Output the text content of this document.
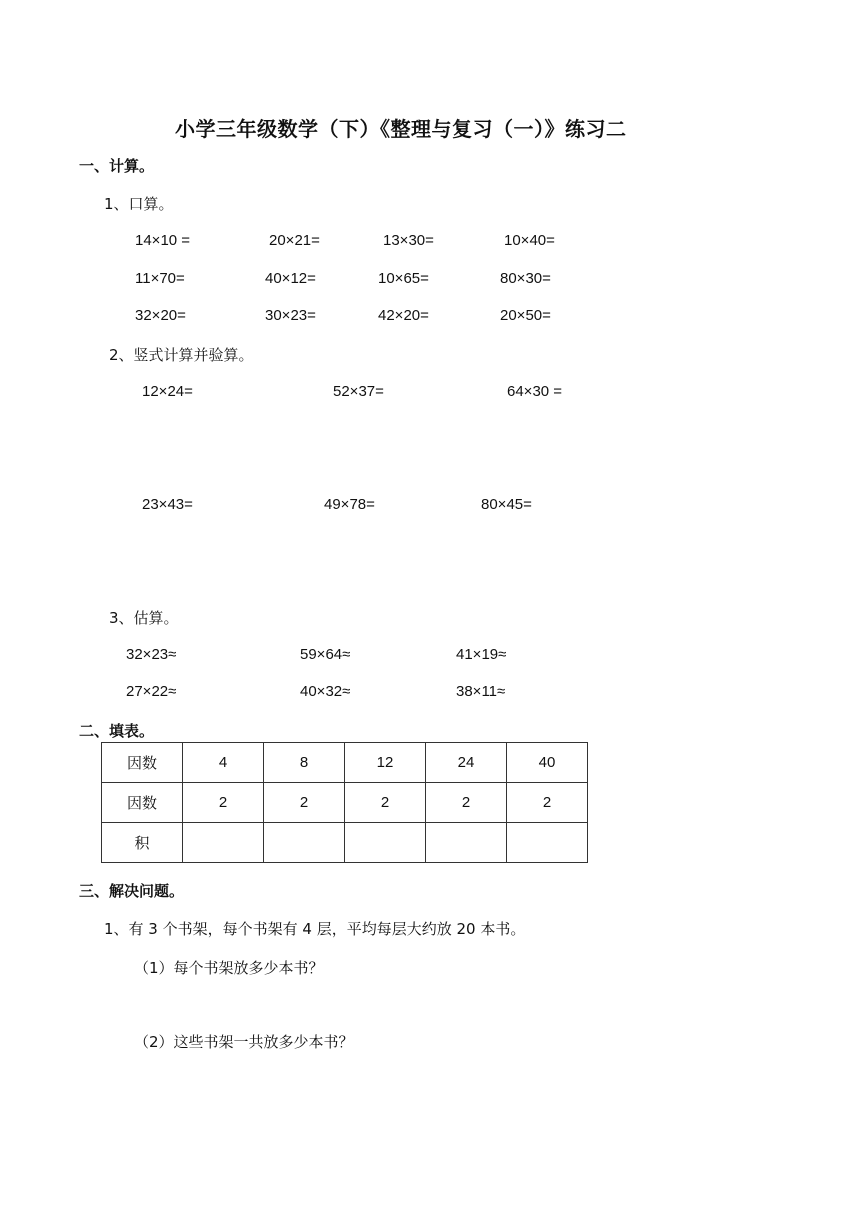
小学三年级数学（下）《整理与复习（一）》练习二
一、计算。
1、口算。
14×10 =	20×21=	13×30=	10×40=
11×70=	40×12=	10×65=	80×30=
32×20=	30×23=	42×20=	20×50=
2、竖式计算并验算。
12×24=	52×37=	64×30 =
23×43=	49×78=	80×45=
3、估算。
32×23≈	59×64≈	41×19≈
27×22≈	40×32≈	38×11≈
二、填表。
因数	4	8	12	24	40
因数	2	2	2	2	2
积					
三、解决问题。
1、有 3 个书架，每个书架有 4 层，平均每层大约放 20 本书。
（1）每个书架放多少本书？
（2）这些书架一共放多少本书？
